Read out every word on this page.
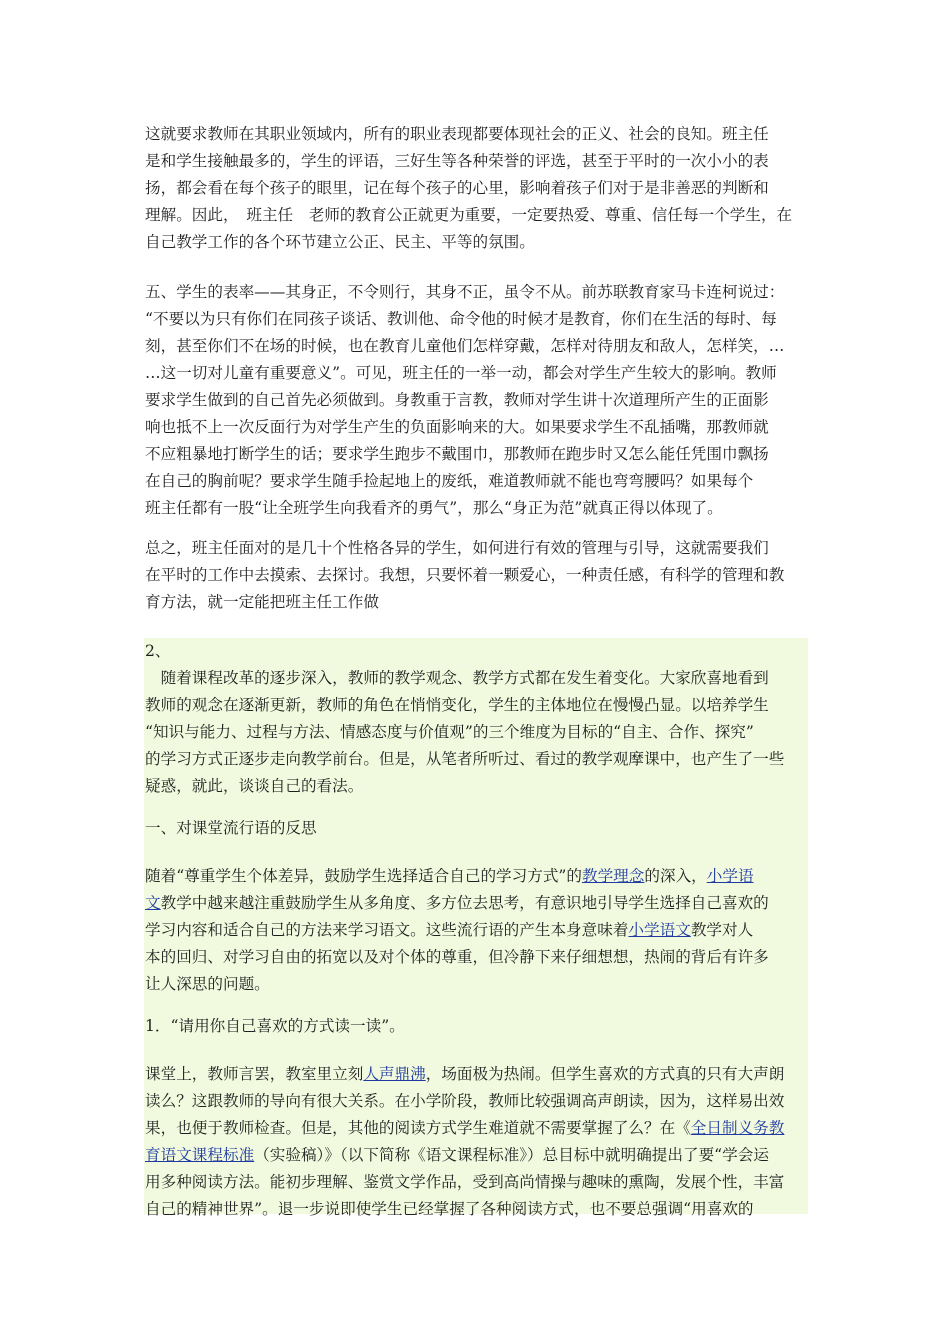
这就要求教师在其职业领域内，所有的职业表现都要体现社会的正义、社会的良知。班主任
是和学生接触最多的，学生的评语，三好生等各种荣誉的评选，甚至于平时的一次小小的表
扬，都会看在每个孩子的眼里，记在每个孩子的心里，影响着孩子们对于是非善恶的判断和
理解。因此，　班主任　老师的教育公正就更为重要，一定要热爱、尊重、信任每一个学生，在
自己教学工作的各个环节建立公正、民主、平等的氛围。
五、学生的表率——其身正，不令则行，其身不正，虽令不从。前苏联教育家马卡连柯说过：
“不要以为只有你们在同孩子谈话、教训他、命令他的时候才是教育，你们在生活的每时、每
刻，甚至你们不在场的时候，也在教育儿童他们怎样穿戴，怎样对待朋友和敌人，怎样笑，…
…这一切对儿童有重要意义”。可见，班主任的一举一动，都会对学生产生较大的影响。教师
要求学生做到的自己首先必须做到。身教重于言教，教师对学生讲十次道理所产生的正面影
响也抵不上一次反面行为对学生产生的负面影响来的大。如果要求学生不乱插嘴，那教师就
不应粗暴地打断学生的话；要求学生跑步不戴围巾，那教师在跑步时又怎么能任凭围巾飘扬
在自己的胸前呢？要求学生随手捡起地上的废纸，难道教师就不能也弯弯腰吗？如果每个
班主任都有一股“让全班学生向我看齐的勇气”，那么“身正为范”就真正得以体现了。
总之，班主任面对的是几十个性格各异的学生，如何进行有效的管理与引导，这就需要我们
在平时的工作中去摸索、去探讨。我想，只要怀着一颗爱心，一种责任感，有科学的管理和教
育方法，就一定能把班主任工作做
2、
　随着课程改革的逐步深入，教师的教学观念、教学方式都在发生着变化。大家欣喜地看到
教师的观念在逐渐更新，教师的角色在悄悄变化，学生的主体地位在慢慢凸显。以培养学生
“知识与能力、过程与方法、情感态度与价值观”的三个维度为目标的“自主、合作、探究”
的学习方式正逐步走向教学前台。但是，从笔者所听过、看过的教学观摩课中，也产生了一些
疑惑，就此，谈谈自己的看法。
一、对课堂流行语的反思
随着“尊重学生个体差异，鼓励学生选择适合自己的学习方式”的教学理念的深入，小学语
文教学中越来越注重鼓励学生从多角度、多方位去思考，有意识地引导学生选择自己喜欢的
学习内容和适合自己的方法来学习语文。这些流行语的产生本身意味着小学语文教学对人
本的回归、对学习自由的拓宽以及对个体的尊重，但冷静下来仔细想想，热闹的背后有许多
让人深思的问题。
1．“请用你自己喜欢的方式读一读”。
课堂上，教师言罢，教室里立刻人声鼎沸，场面极为热闹。但学生喜欢的方式真的只有大声朗
读么？这跟教师的导向有很大关系。在小学阶段，教师比较强调高声朗读，因为，这样易出效
果，也便于教师检查。但是，其他的阅读方式学生难道就不需要掌握了么？在《全日制义务教
育语文课程标准（实验稿）》（以下简称《语文课程标准》）总目标中就明确提出了要“学会运
用多种阅读方法。能初步理解、鉴赏文学作品，受到高尚情操与趣味的熏陶，发展个性，丰富
自己的精神世界”。退一步说即使学生已经掌握了各种阅读方式，也不要总强调“用喜欢的
